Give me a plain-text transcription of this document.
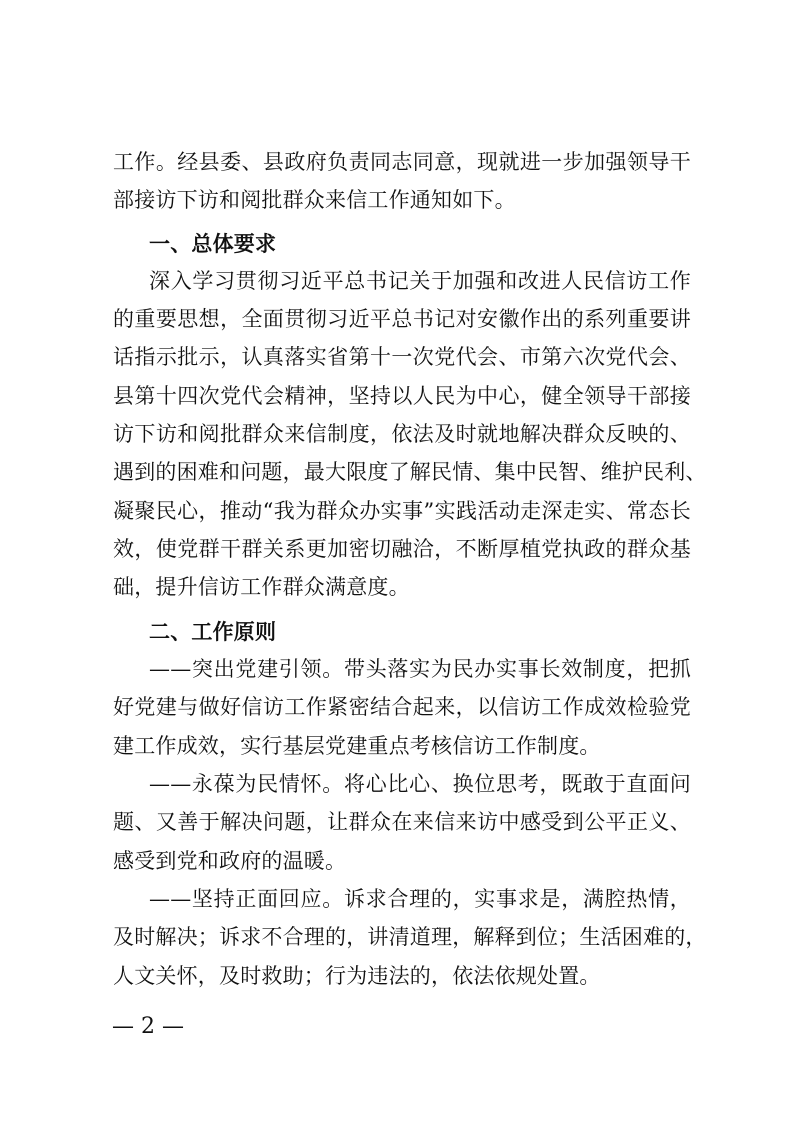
工作。经县委、县政府负责同志同意，现就进一步加强领导干
部接访下访和阅批群众来信工作通知如下。
一、总体要求
深入学习贯彻习近平总书记关于加强和改进人民信访工作
的重要思想，全面贯彻习近平总书记对安徽作出的系列重要讲
话指示批示，认真落实省第十一次党代会、市第六次党代会、
县第十四次党代会精神，坚持以人民为中心，健全领导干部接
访下访和阅批群众来信制度，依法及时就地解决群众反映的、
遇到的困难和问题，最大限度了解民情、集中民智、维护民利、
凝聚民心，推动“我为群众办实事”实践活动走深走实、常态长
效，使党群干群关系更加密切融洽，不断厚植党执政的群众基
础，提升信访工作群众满意度。
二、工作原则
——突出党建引领。带头落实为民办实事长效制度，把抓
好党建与做好信访工作紧密结合起来，以信访工作成效检验党
建工作成效，实行基层党建重点考核信访工作制度。
——永葆为民情怀。将心比心、换位思考，既敢于直面问
题、又善于解决问题，让群众在来信来访中感受到公平正义、
感受到党和政府的温暖。
——坚持正面回应。诉求合理的，实事求是，满腔热情，
及时解决；诉求不合理的，讲清道理，解释到位；生活困难的，
人文关怀，及时救助；行为违法的，依法依规处置。
— 2 —
